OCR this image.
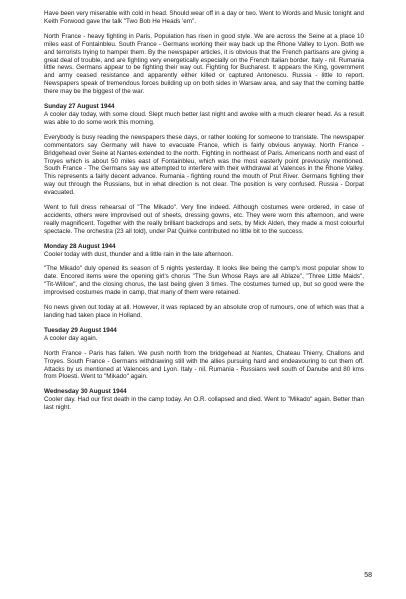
Have been very miserable with cold in head. Should wear off in a day or two. Went to Words and Music tonight and Keith Forwood gave the talk "Two Bob He Heads 'em".

North France - heavy fighting in Paris. Population has risen in good style. We are across the Seine at a place 10 miles east of Fontainbleu. South France - Germans working their way back up the Rhone Valley to Lyon. Both we and terrorists trying to hamper them. By the newspaper articles, it is obvious that the French partisans are giving a great deal of trouble, and are fighting very energetically especially on the French Italian border. Italy - nil. Rumania little news. Germans appear to be fighting their way out. Fighting for Bucharest. It appears the King, government and army ceased resistance and apparently either killed or captured Antonescu. Russia - little to report. Newspapers speak of tremendous forces building up on both sides in Warsaw area, and say that the coming battle there may be the biggest of the war.

Sunday 27 August 1944

A cooler day today, with some cloud. Slept much better last night and awoke with a much clearer head. As a result was able to do some work this morning.

Everybody is busy reading the newspapers these days, or rather looking for someone to translate. The newspaper commentators say Germany will have to evacuate France, which is fairly obvious anyway. North France - Bridgehead over Seine at Nantes extended to the north. Fighting in northeast of Paris. Americans north and east of Troyes which is about 50 miles east of Fontainbleu, which was the most easterly point previously mentioned. South France - The Germans say we attempted to interfere with their withdrawal at Valences in the Rhone Valley. This represents a fairly decent advance. Rumania - fighting round the mouth of Prut River. Germans fighting their way out through the Russians, but in what direction is not clear. The position is very confused. Russia - Dorpat evacuated.

Went to full dress rehearsal of "The Mikado". Very fine indeed. Although costumes were ordered, in case of accidents, others were improvised out of sheets, dressing gowns, etc. They were worn this afternoon, and were really magnificent. Together with the really brilliant backdrops and sets, by Mick Alden, they made a most colourful spectacle. The orchestra (23 all told), under Pat Quirke contributed no little bit to the success.

Monday 28 August 1944

Cooler today with dust, thunder and a little rain in the late afternoon.

"The Mikado" duly opened its season of 5 nights yesterday. It looks like being the camp's most popular show to date. Encored items were the opening girl's chorus "The Sun Whose Rays are all Ablaze", "Three Little Maids", "Tit-Willow", and the closing chorus, the last being given 3 times. The costumes turned up, but so good were the improvised costumes made in camp, that many of them were retained.

No news given out today at all. However, it was replaced by an absolute crop of rumours, one of which was that a landing had taken place in Holland.

Tuesday 29 August 1944

A cooler day again.

North France - Paris has fallen. We push north from the bridgehead at Nantes, Chateau Thierry, Challons and Troyes. South France - Germans withdrawing still with the allies pursuing hard and endeavouring to cut them off. Attacks by us mentioned at Valences and Lyon. Italy - nil. Rumania - Russians well south of Danube and 80 kms from Ploesti. Went to "Mikado" again.

Wednesday 30 August 1944

Cooler day. Had our first death in the camp today. An O.R. collapsed and died. Went to "Mikado" again. Better than last night.

58
